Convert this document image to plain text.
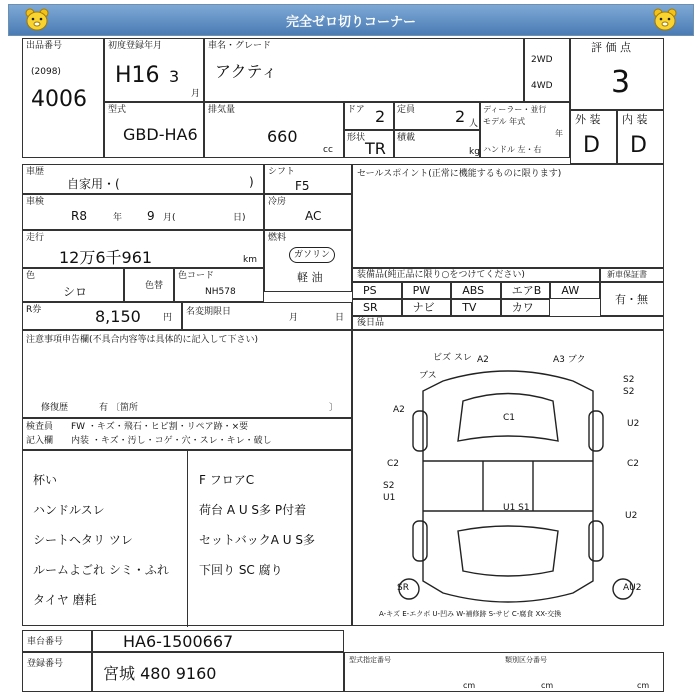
完全ゼロ切りコーナー
出品番号
(2098)
4006
初度登録年月
H16 3
月
車名・グレード
アクティ
2WD
4WD
評 価 点
3
型式
GBD-HA6
排気量
660
cc
ドア 2 定員 2 人
ディーラー・並行
モデル 年式
年
ハンドル 左・右
形状
TR
積載
kg
外 装
D
内 装
D
車歴
自家用・(	)
シフト
F5
車検
R8	年 9 月(	日)
冷房
AC
走行
12万6千961	km
燃料
ガソリン
軽 油
色
シロ	色替
色コード
NH578
R券	8,150 円
名変期限日
月	日
注意事項申告欄(不具合内容等は具体的に記入して下さい)
修復歴	有 〔箇所	〕
セールスポイント(正常に機能するものに限ります)
装備品(純正品に限り○をつけてください)	新車保証書
有・無
後日品
A2	A3 ブク
S2
S2
U2
C1
C2	C2
S2
U1
U1 S1
U2
AU2
SR
ブス
A2
ビズ スレ
A-キズ E-エクボ U-凹み W-補修跡 S-サビ C-腐食 XX-交換
検査員
記入欄
FW ・キズ・飛石・ヒビ割・リペア跡・×要
内装 ・キズ・汚し・コゲ・穴・スレ・キレ・破し
杯い	F フロアC
ハンドルスレ	荷台 A U S多 P付着
シートヘタリ ツレ	セットバックA U S多
ルームよごれ シミ・ふれ	下回り SC 腐り
タイヤ 磨耗
車台番号	HA6-1500667
登録番号 宮城 480 9160
型式指定番号	類別区分番号
cm	cm	cm
PS	PW	ABS	エアB AW
SR	ナビ	TV	カワ
